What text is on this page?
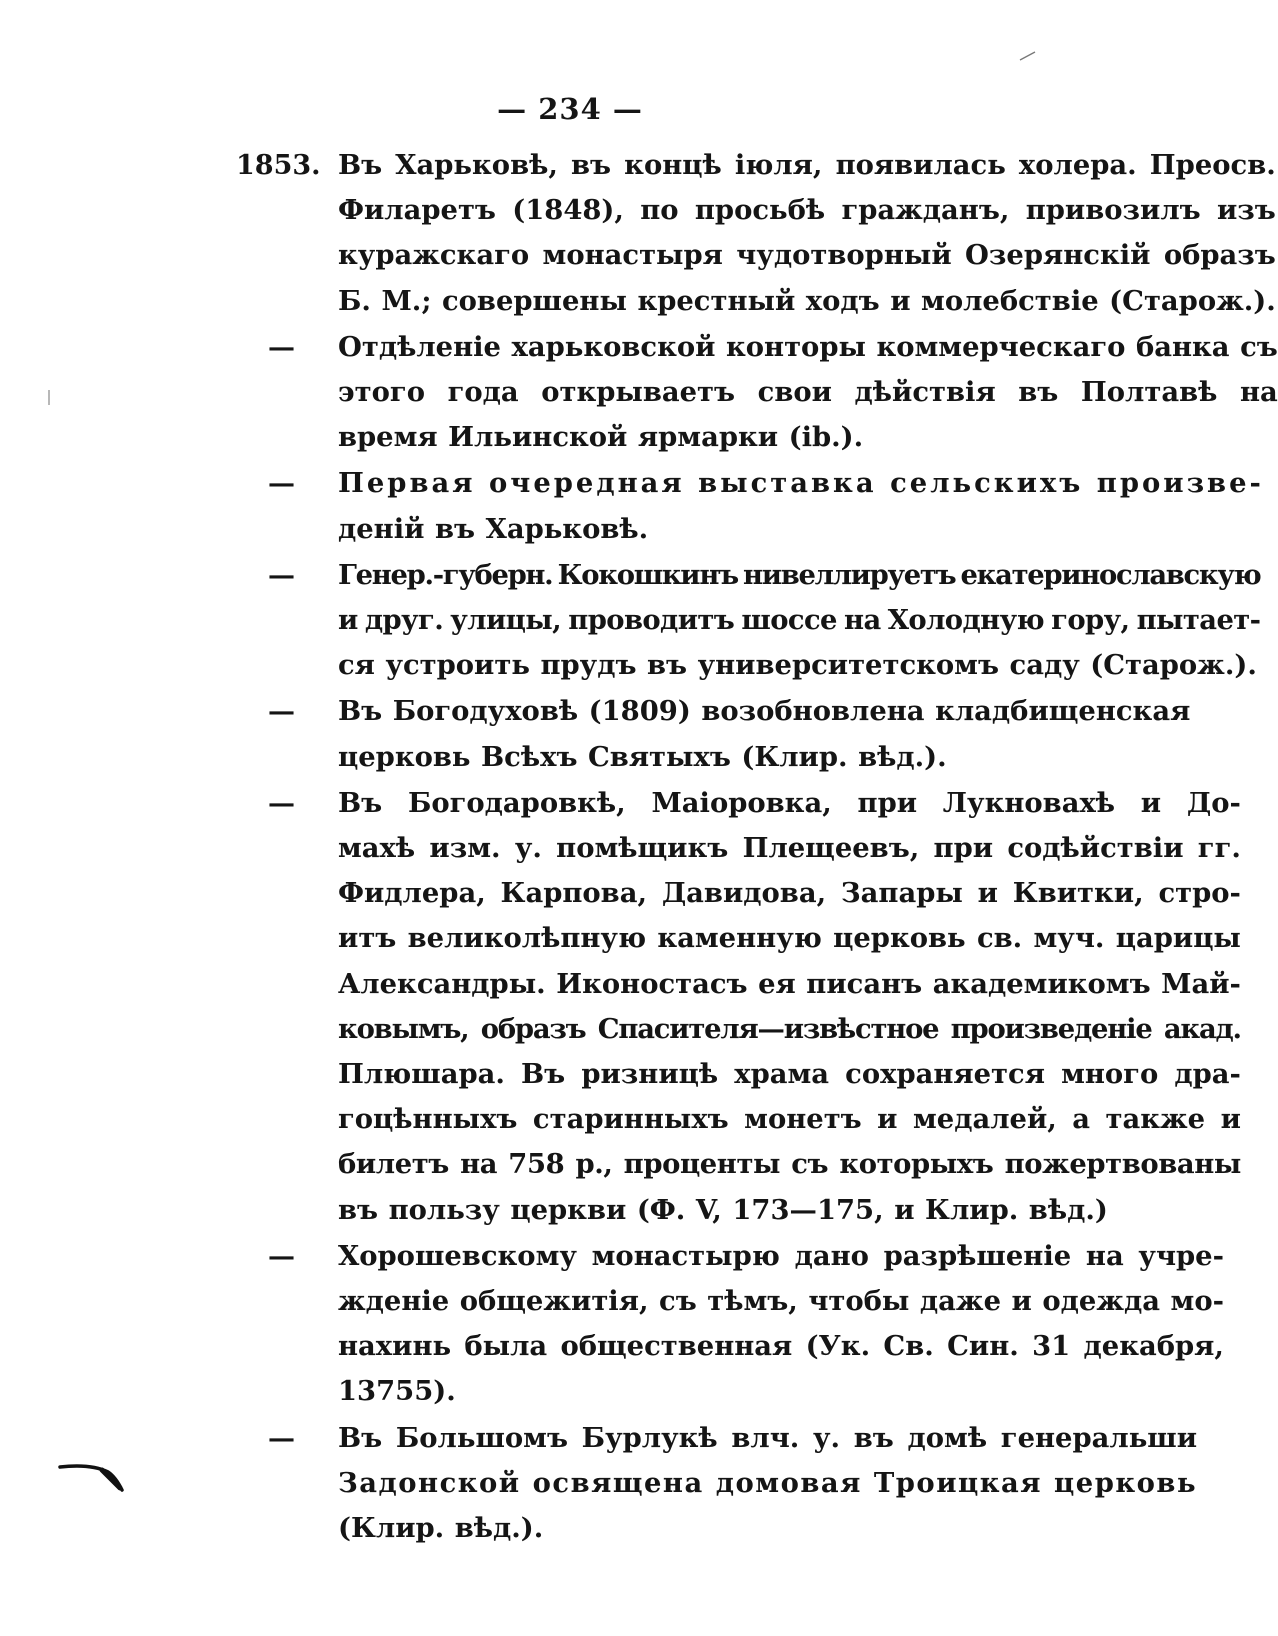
— 234 —
1853. Въ Харьковѣ, въ концѣ іюля, появилась холера. Преосв.
Филаретъ (1848), по просьбѣ гражданъ, привозилъ изъ
куражскаго монастыря чудотворный Озерянскій образъ
Б. М.; совершены крестный ходъ и молебствіе (Старож.).
—	Отдѣленіе харьковской конторы коммерческаго банка съ
этого года открываетъ свои дѣйствія въ Полтавѣ на
время Ильинской ярмарки (ib.).
—	Первая очередная выставка сельскихъ произве-
деній въ Харьковѣ.
—	Генер.-губерн. Кокошкинъ нивеллируетъ екатеринославскую
и друг. улицы, проводитъ шоссе на Холодную гору, пытает-
ся устроить прудъ въ университетскомъ саду (Старож.).
—	Въ Богодуховѣ (1809) возобновлена кладбищенская
церковь Всѣхъ Святыхъ (Клир. вѣд.).
—	Въ Богодаровкѣ, Маіоровка, при Лукновахѣ и До-
махѣ изм. у. помѣщикъ Плещеевъ, при содѣйствіи гг.
Фидлера, Карпова, Давидова, Запары и Квитки, стро-
итъ великолѣпную каменную церковь св. муч. царицы
Александры. Иконостасъ ея писанъ академикомъ Май-
ковымъ, образъ Спасителя—извѣстное произведеніе акад.
Плюшара. Въ ризницѣ храма сохраняется много дра-
гоцѣнныхъ старинныхъ монетъ и медалей, а также и
билетъ на 758 р., проценты съ которыхъ пожертвованы
въ пользу церкви (Ф. V, 173—175, и Клир. вѣд.)
—	Хорошевскому монастырю дано разрѣшеніе на учре-
жденіе общежитія, съ тѣмъ, чтобы даже и одежда мо-
нахинь была общественная (Ук. Св. Син. 31 декабря,
13755).
—	Въ Большомъ Бурлукѣ влч. у. въ домѣ генеральши
Задонской освящена домовая Троицкая церковь
(Клир. вѣд.).
